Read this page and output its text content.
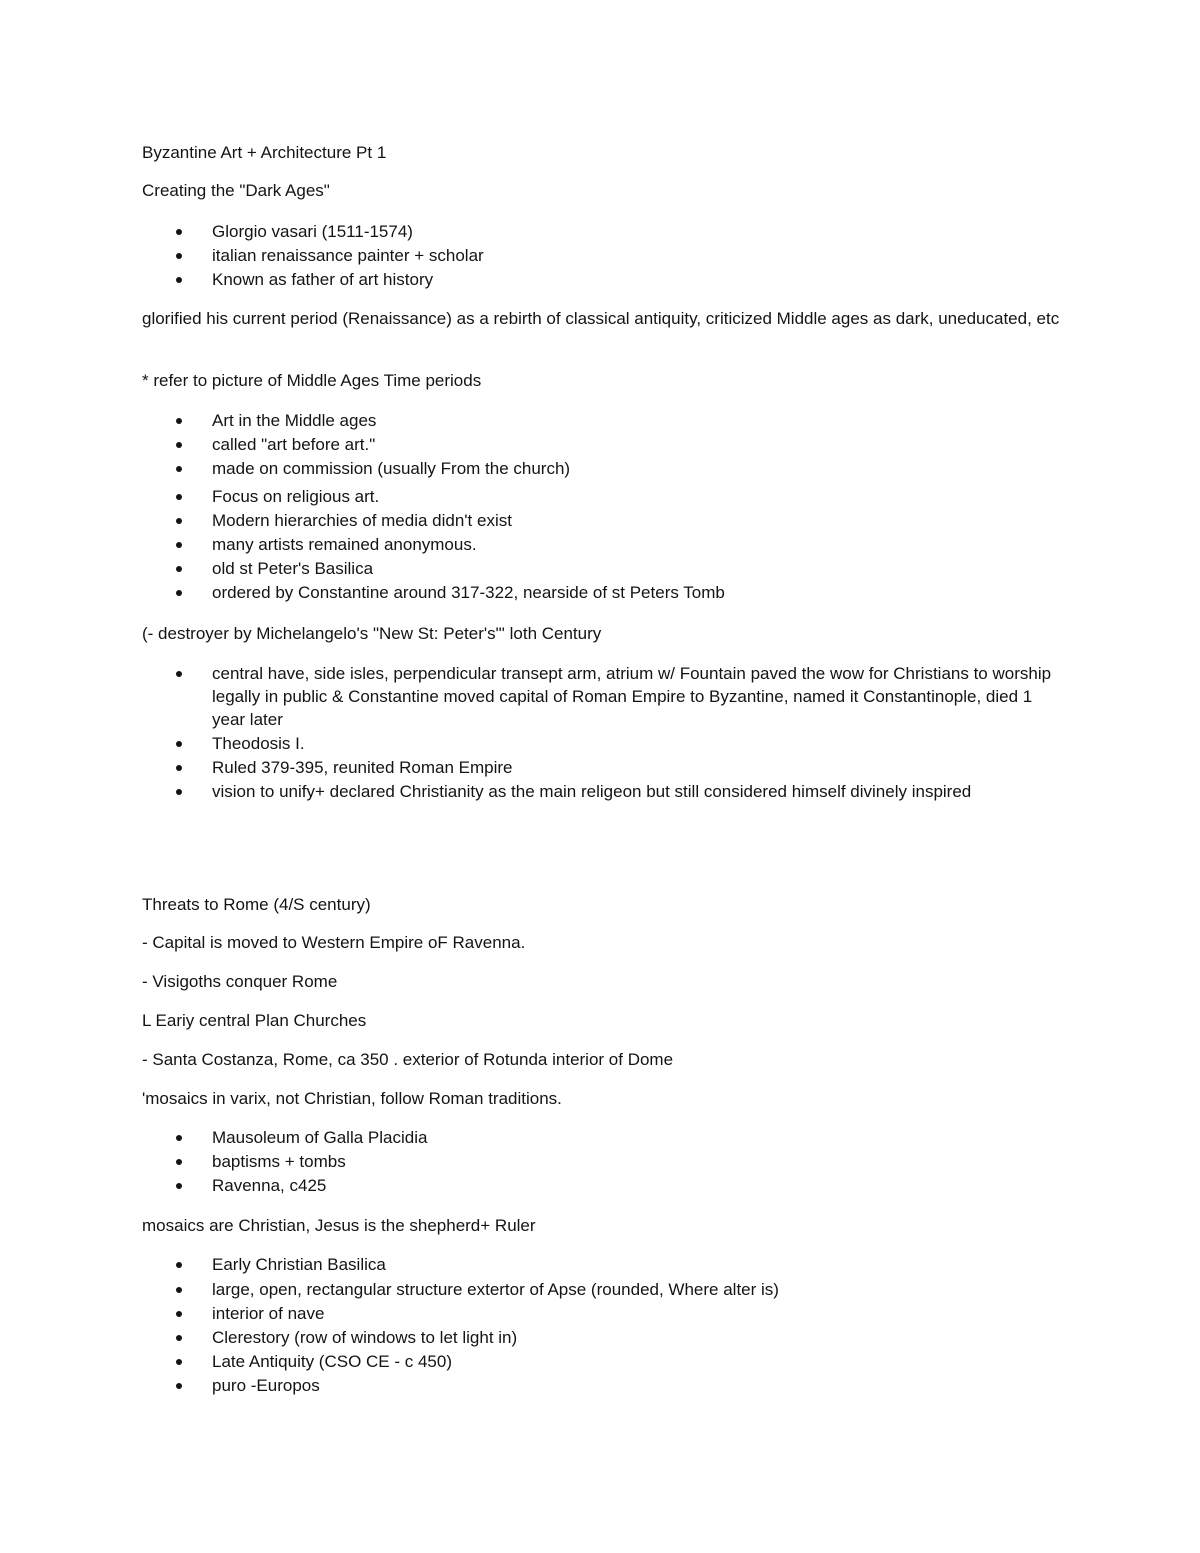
Byzantine Art + Architecture Pt 1

Creating the "Dark Ages"

Glorgio vasari (1511-1574)
italian renaissance painter + scholar
Known as father of art history

glorified his current period (Renaissance) as a rebirth of classical antiquity, criticized Middle ages as dark, uneducated, etc

* refer to picture of Middle Ages Time periods

Art in the Middle ages
called "art before art."
made on commission (usually From the church)
Focus on religious art.
Modern hierarchies of media didn't exist
many artists remained anonymous.
old st Peter's Basilica
ordered by Constantine around 317-322, nearside of st Peters Tomb

(- destroyer by Michelangelo's "New St: Peter's"' loth Century

central have, side isles, perpendicular transept arm, atrium w/ Fountain paved the wow for Christians to worship legally in public & Constantine moved capital of Roman Empire to Byzantine, named it Constantinople, died 1 year later
Theodosis I.
Ruled 379-395, reunited Roman Empire
vision to unify+ declared Christianity as the main religeon but still considered himself divinely inspired

Threats to Rome (4/S century)

- Capital is moved to Western Empire oF Ravenna.

- Visigoths conquer Rome

L Eariy central Plan Churches

- Santa Costanza, Rome, ca 350 . exterior of Rotunda interior of Dome

'mosaics in varix, not Christian, follow Roman traditions.

Mausoleum of Galla Placidia
baptisms + tombs
Ravenna, c425

mosaics are Christian, Jesus is the shepherd+ Ruler

Early Christian Basilica
large, open, rectangular structure extertor of Apse (rounded, Where alter is)
interior of nave
Clerestory (row of windows to let light in)
Late Antiquity (CSO CE - c 450)
puro -Europos
